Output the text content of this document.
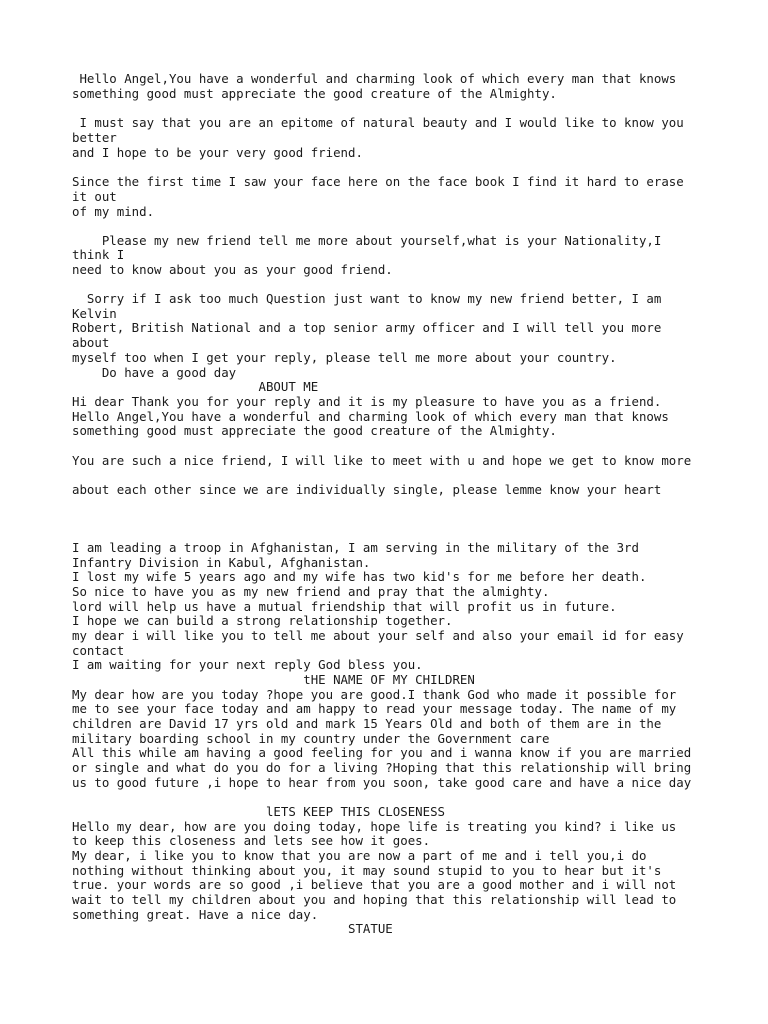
Hello Angel,You have a wonderful and charming look of which every man that knows
something good must appreciate the good creature of the Almighty.
I must say that you are an epitome of natural beauty and I would like to know you
better
and I hope to be your very good friend.
Since the first time I saw your face here on the face book I find it hard to erase
it out
of my mind.
Please my new friend tell me more about yourself,what is your Nationality,I
think I
need to know about you as your good friend.
Sorry if I ask too much Question just want to know my new friend better, I am
Kelvin
Robert, British National and a top senior army officer and I will tell you more
about
myself too when I get your reply, please tell me more about your country.
Do have a good day
ABOUT ME
Hi dear Thank you for your reply and it is my pleasure to have you as a friend.
Hello Angel,You have a wonderful and charming look of which every man that knows
something good must appreciate the good creature of the Almighty.
You are such a nice friend, I will like to meet with u and hope we get to know more
about each other since we are individually single, please lemme know your heart
I am leading a troop in Afghanistan, I am serving in the military of the 3rd
Infantry Division in Kabul, Afghanistan.
I lost my wife 5 years ago and my wife has two kid's for me before her death.
So nice to have you as my new friend and pray that the almighty.
lord will help us have a mutual friendship that will profit us in future.
I hope we can build a strong relationship together.
my dear i will like you to tell me about your self and also your email id for easy
contact
I am waiting for your next reply God bless you.
tHE NAME OF MY CHILDREN
My dear how are you today ?hope you are good.I thank God who made it possible for
me to see your face today and am happy to read your message today. The name of my
children are David 17 yrs old and mark 15 Years Old and both of them are in the
military boarding school in my country under the Government care
All this while am having a good feeling for you and i wanna know if you are married
or single and what do you do for a living ?Hoping that this relationship will bring
us to good future ,i hope to hear from you soon, take good care and have a nice day
lETS KEEP THIS CLOSENESS
Hello my dear, how are you doing today, hope life is treating you kind? i like us
to keep this closeness and lets see how it goes.
My dear, i like you to know that you are now a part of me and i tell you,i do
nothing without thinking about you, it may sound stupid to you to hear but it's
true. your words are so good ,i believe that you are a good mother and i will not
wait to tell my children about you and hoping that this relationship will lead to
something great. Have a nice day.
STATUE
